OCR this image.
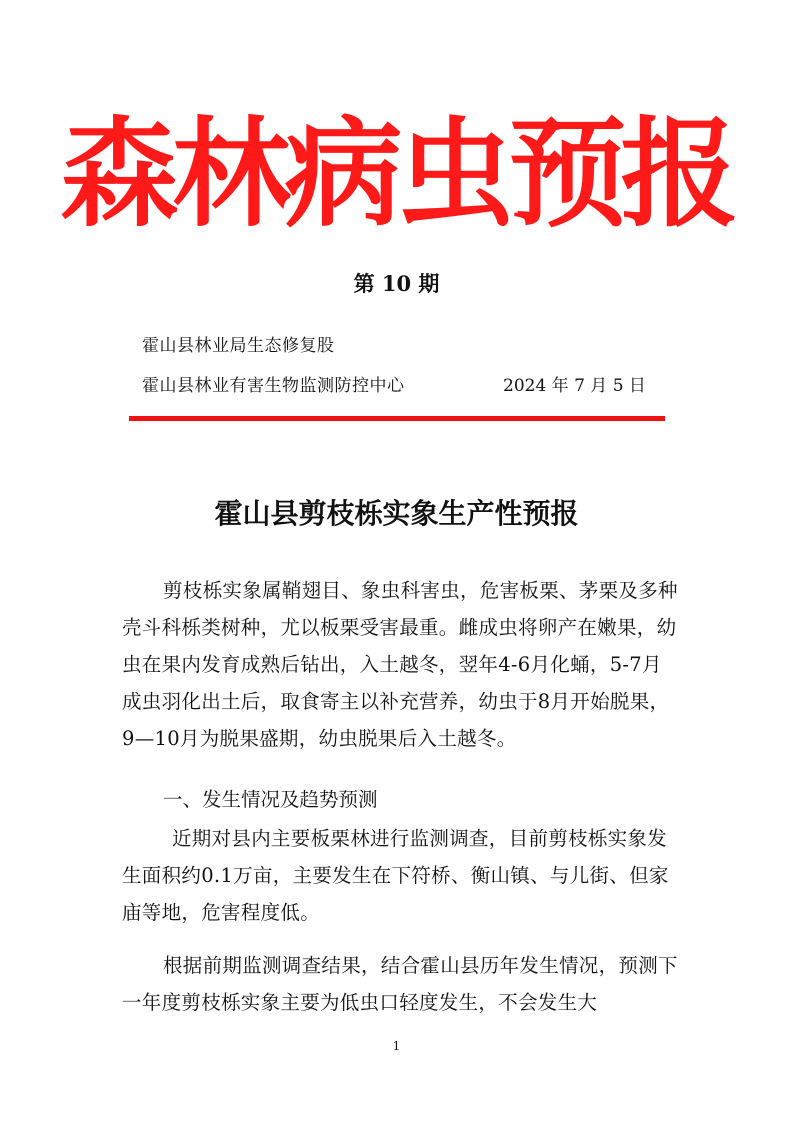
森林病虫预报
第 10 期
霍山县林业局生态修复股
霍山县林业有害生物监测防控中心	2024 年 7 月 5 日
霍山县剪枝栎实象生产性预报
剪枝栎实象属鞘翅目、象虫科害虫，危害板栗、茅栗及多种壳斗科栎类树种，尤以板栗受害最重。雌成虫将卵产在嫩果，幼虫在果内发育成熟后钻出，入土越冬，翌年4-6月化蛹，5-7月成虫羽化出土后，取食寄主以补充营养，幼虫于8月开始脱果，9—10月为脱果盛期，幼虫脱果后入土越冬。
一、发生情况及趋势预测
近期对县内主要板栗林进行监测调查，目前剪枝栎实象发生面积约0.1万亩，主要发生在下符桥、衡山镇、与儿街、但家庙等地，危害程度低。
根据前期监测调查结果，结合霍山县历年发生情况，预测下一年度剪枝栎实象主要为低虫口轻度发生，不会发生大
1
